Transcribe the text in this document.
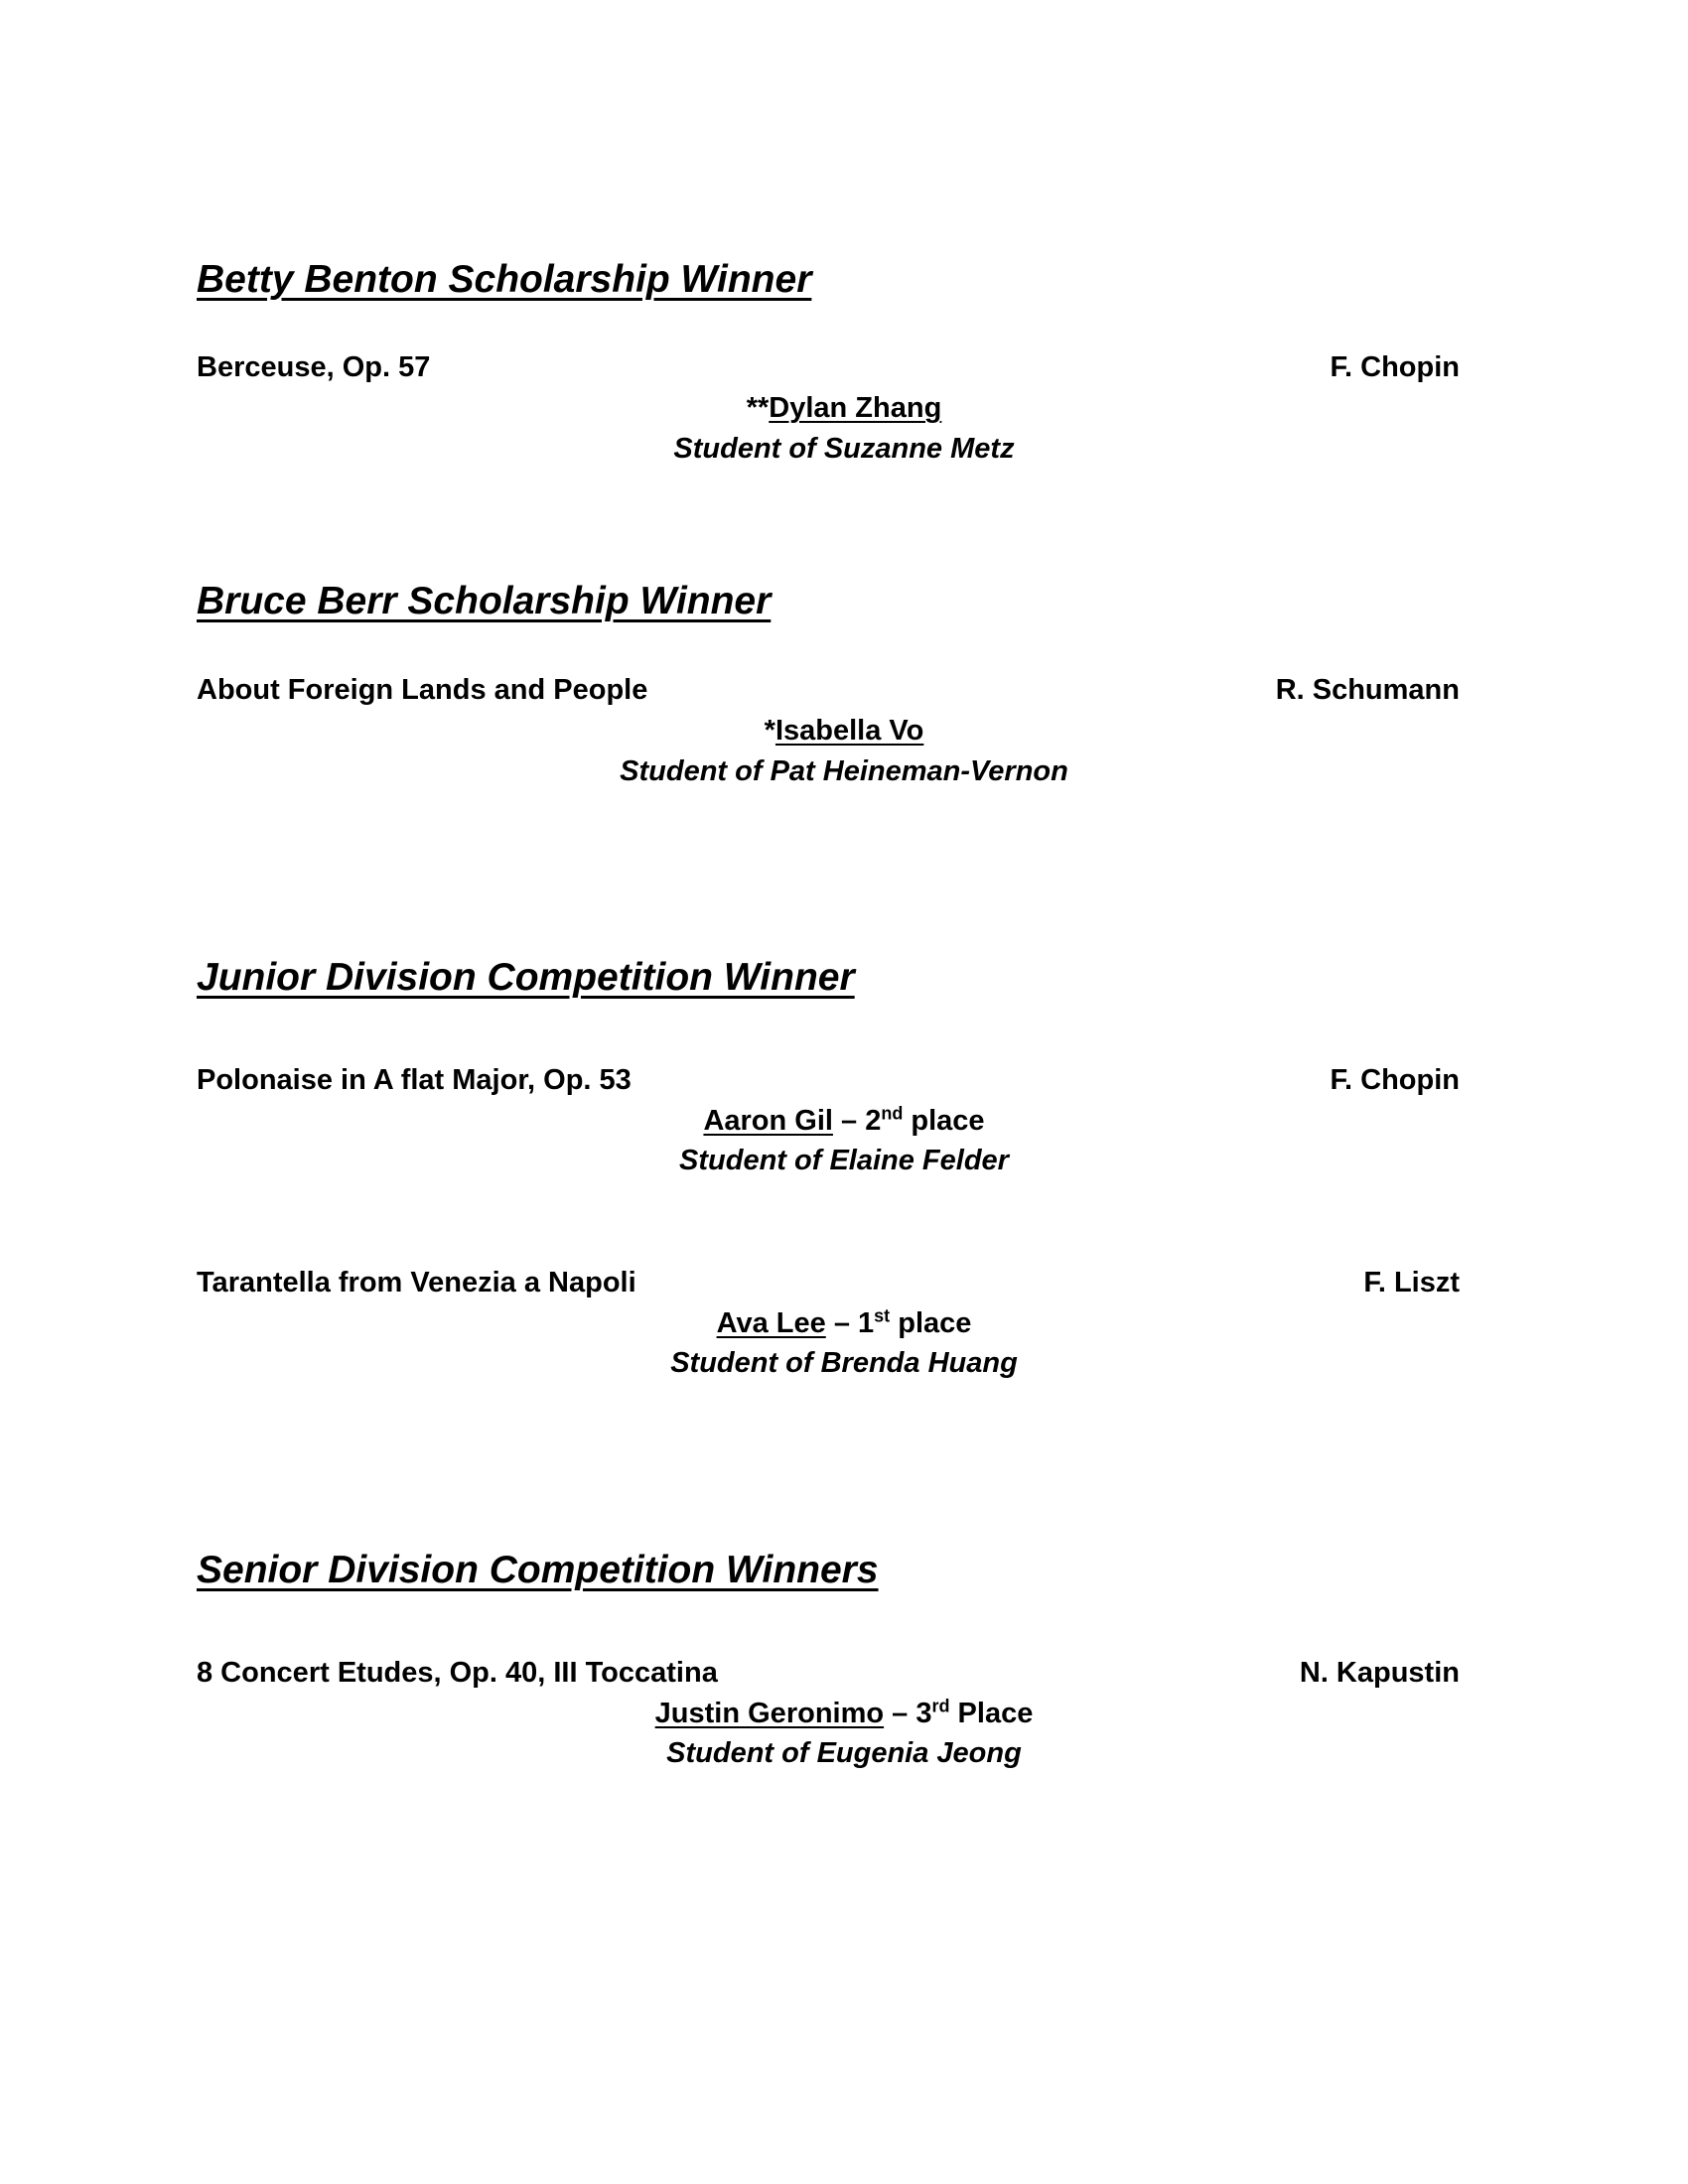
Betty Benton Scholarship Winner
Berceuse, Op. 57	F. Chopin
**Dylan Zhang
Student of Suzanne Metz
Bruce Berr Scholarship Winner
About Foreign Lands and People	R. Schumann
*Isabella Vo
Student of Pat Heineman-Vernon
Junior Division Competition Winner
Polonaise in A flat Major, Op. 53	F. Chopin
Aaron Gil – 2nd place
Student of Elaine Felder
Tarantella from Venezia a Napoli	F. Liszt
Ava Lee – 1st place
Student of Brenda Huang
Senior Division Competition Winners
8 Concert Etudes, Op. 40, III Toccatina	N. Kapustin
Justin Geronimo – 3rd Place
Student of Eugenia Jeong
